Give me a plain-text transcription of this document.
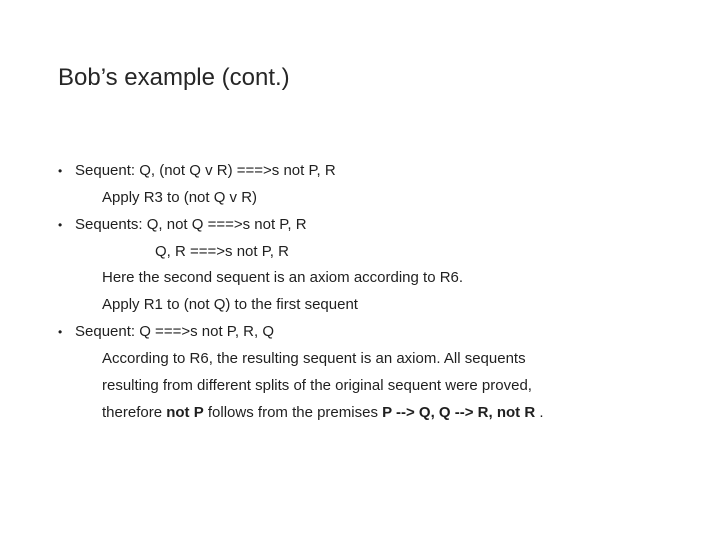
Bob’s example (cont.)
• Sequent: Q, (not Q v R) ===>s not P, R
Apply R3 to (not Q v R)
• Sequents: Q, not Q ===>s not P, R
Q, R ===>s not P, R
Here the second sequent is an axiom according to R6.
Apply R1 to (not Q) to the first sequent
• Sequent: Q ===>s not P, R, Q
According to R6, the resulting sequent is an axiom. All sequents
resulting from different splits of the original sequent were proved,
therefore not P follows from the premises P --> Q, Q --> R, not R .
